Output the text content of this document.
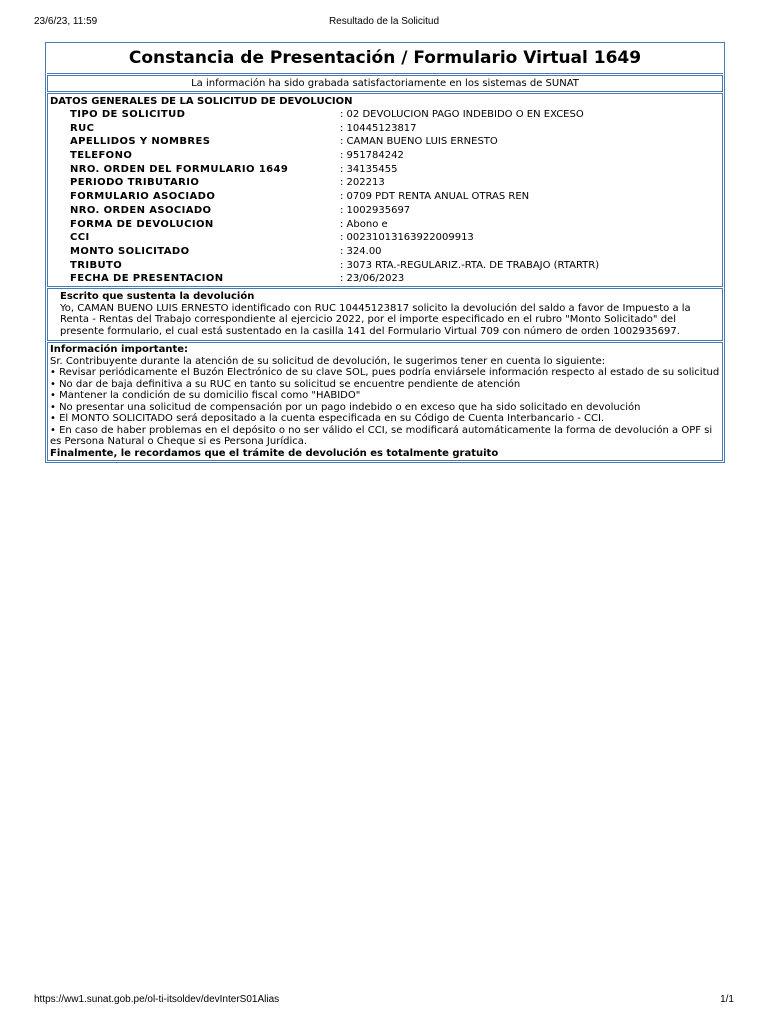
23/6/23, 11:59	Resultado de la Solicitud
Constancia de Presentación / Formulario Virtual 1649
La información ha sido grabada satisfactoriamente en los sistemas de SUNAT
DATOS GENERALES DE LA SOLICITUD DE DEVOLUCION
TIPO DE SOLICITUD	: 02 DEVOLUCION PAGO INDEBIDO O EN EXCESO
RUC	: 10445123817
APELLIDOS Y NOMBRES	: CAMAN BUENO LUIS ERNESTO
TELEFONO	: 951784242
NRO. ORDEN DEL FORMULARIO 1649	: 34135455
PERIODO TRIBUTARIO	: 202213
FORMULARIO ASOCIADO	: 0709 PDT RENTA ANUAL OTRAS REN
NRO. ORDEN ASOCIADO	: 1002935697
FORMA DE DEVOLUCION	: Abono e
CCI	: 00231013163922009913
MONTO SOLICITADO	: 324.00
TRIBUTO	: 3073 RTA.-REGULARIZ.-RTA. DE TRABAJO (RTARTR)
FECHA DE PRESENTACION	: 23/06/2023
Escrito que sustenta la devolución
Yo, CAMAN BUENO LUIS ERNESTO identificado con RUC 10445123817 solicito la devolución del saldo a favor de Impuesto a la Renta - Rentas del Trabajo correspondiente al ejercicio 2022, por el importe especificado en el rubro "Monto Solicitado" del presente formulario, el cual está sustentado en la casilla 141 del Formulario Virtual 709 con número de orden 1002935697.
Información importante:
Sr. Contribuyente durante la atención de su solicitud de devolución, le sugerimos tener en cuenta lo siguiente:
• Revisar periódicamente el Buzón Electrónico de su clave SOL, pues podría enviársele información respecto al estado de su solicitud
• No dar de baja definitiva a su RUC en tanto su solicitud se encuentre pendiente de atención
• Mantener la condición de su domicilio fiscal como "HABIDO"
• No presentar una solicitud de compensación por un pago indebido o en exceso que ha sido solicitado en devolución
• El MONTO SOLICITADO será depositado a la cuenta especificada en su Código de Cuenta Interbancario - CCI.
• En caso de haber problemas en el depósito o no ser válido el CCI, se modificará automáticamente la forma de devolución a OPF si es Persona Natural o Cheque si es Persona Jurídica.
Finalmente, le recordamos que el trámite de devolución es totalmente gratuito
https://ww1.sunat.gob.pe/ol-ti-itsoldev/devInterS01Alias	1/1
